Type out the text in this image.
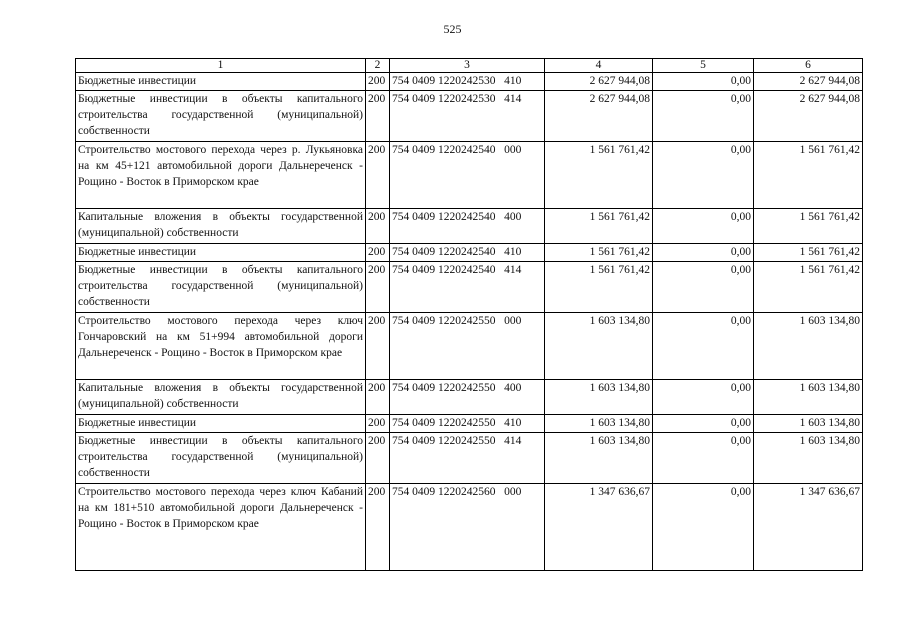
525
1	2	3	4	5	6
Бюджетные инвестиции	200	754 0409 1220242530   410	2 627 944,08	0,00	2 627 944,08
Бюджетные инвестиции в объекты капитального строительства государственной (муниципальной) собственности	200	754 0409 1220242530   414	2 627 944,08	0,00	2 627 944,08
Строительство мостового перехода через р. Лукьяновка на км 45+121 автомобильной дороги Дальнереченск - Рощино - Восток в Приморском крае	200	754 0409 1220242540   000	1 561 761,42	0,00	1 561 761,42
Капитальные вложения в объекты государственной (муниципальной) собственности	200	754 0409 1220242540   400	1 561 761,42	0,00	1 561 761,42
Бюджетные инвестиции	200	754 0409 1220242540   410	1 561 761,42	0,00	1 561 761,42
Бюджетные инвестиции в объекты капитального строительства государственной (муниципальной) собственности	200	754 0409 1220242540   414	1 561 761,42	0,00	1 561 761,42
Строительство мостового перехода через ключ Гончаровский на км 51+994 автомобильной дороги Дальнереченск - Рощино - Восток в Приморском крае	200	754 0409 1220242550   000	1 603 134,80	0,00	1 603 134,80
Капитальные вложения в объекты государственной (муниципальной) собственности	200	754 0409 1220242550   400	1 603 134,80	0,00	1 603 134,80
Бюджетные инвестиции	200	754 0409 1220242550   410	1 603 134,80	0,00	1 603 134,80
Бюджетные инвестиции в объекты капитального строительства государственной (муниципальной) собственности	200	754 0409 1220242550   414	1 603 134,80	0,00	1 603 134,80
Строительство мостового перехода через ключ Кабаний на км 181+510 автомобильной дороги Дальнереченск - Рощино - Восток в Приморском крае	200	754 0409 1220242560   000	1 347 636,67	0,00	1 347 636,67
